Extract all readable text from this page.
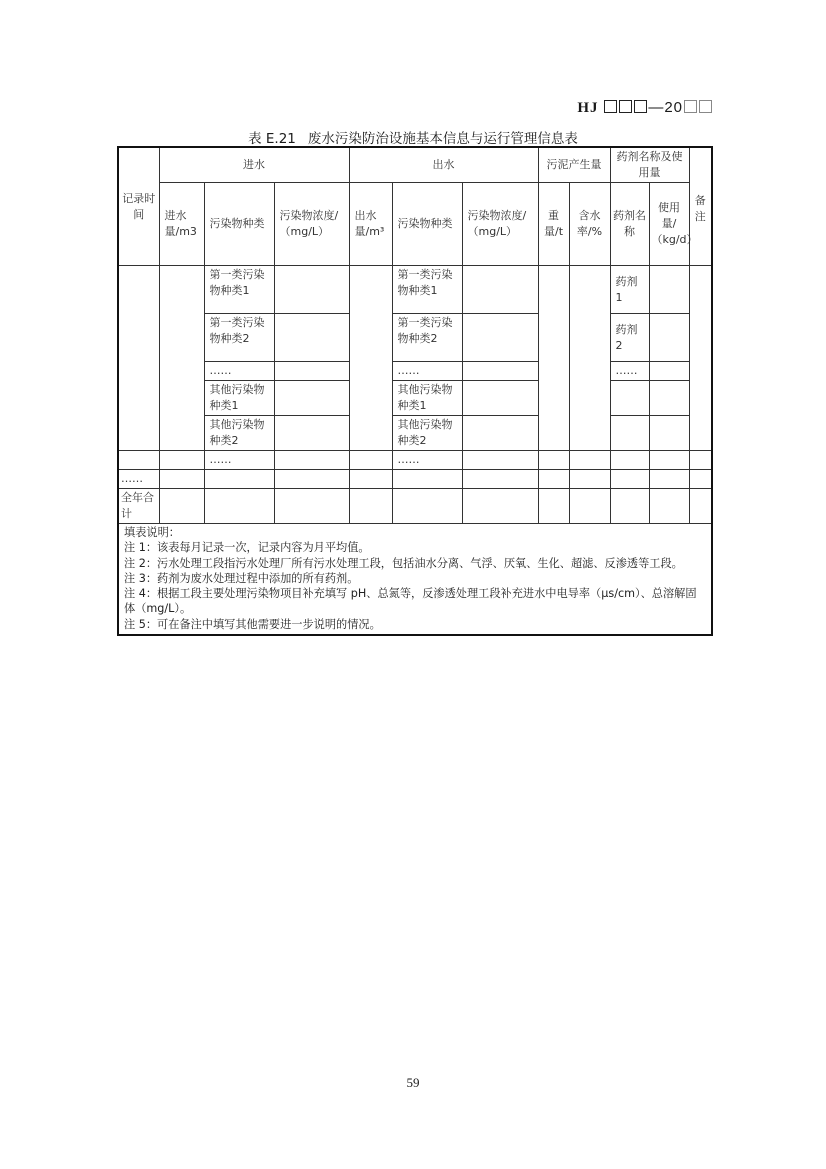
HJ	—20
表 E.21 废水污染防治设施基本信息与运行管理信息表
记录时间	进水			出水			污泥产生量		药剂名称及使用量		备注
	进水量/m3	污染物种类	污染物浓度/（mg/L）	出水量/m³	污染物种类	污染物浓度/（mg/L）	重量/t	含水率/%	药剂名称	使用量/（kg/d）	
		第一类污染物种类1			第一类污染物种类1				药剂1		
		第一类污染物种类2			第一类污染物种类2				药剂2		
		……			……				……		
		其他污染物种类1			其他污染物种类1						
		其他污染物种类2			其他污染物种类2						
		……			……						
……											
全年合计											

填表说明：
注 1：该表每月记录一次，记录内容为月平均值。
注 2：污水处理工段指污水处理厂所有污水处理工段，包括油水分离、气浮、厌氧、生化、超滤、反渗透等工段。
注 3：药剂为废水处理过程中添加的所有药剂。
注 4：根据工段主要处理污染物项目补充填写 pH、总氮等，反渗透处理工段补充进水中电导率（μs/cm）、总溶解固体（mg/L）。
注 5：可在备注中填写其他需要进一步说明的情况。
59
